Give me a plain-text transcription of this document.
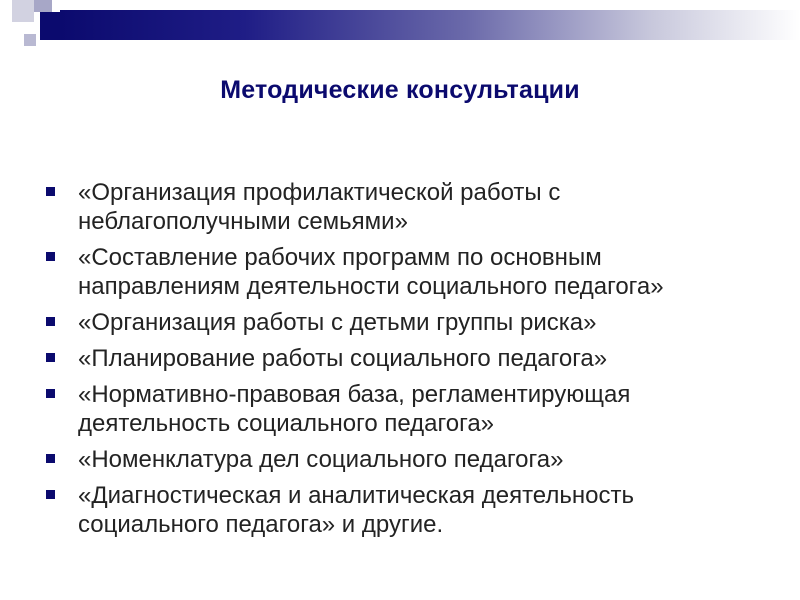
Методические консультации
«Организация профилактической работы с неблагополучными семьями»
«Составление рабочих программ по основным направлениям деятельности социального педагога»
«Организация работы с детьми группы риска»
«Планирование работы социального педагога»
«Нормативно-правовая база, регламентирующая деятельность социального педагога»
«Номенклатура дел социального педагога»
«Диагностическая и аналитическая деятельность социального педагога» и другие.
